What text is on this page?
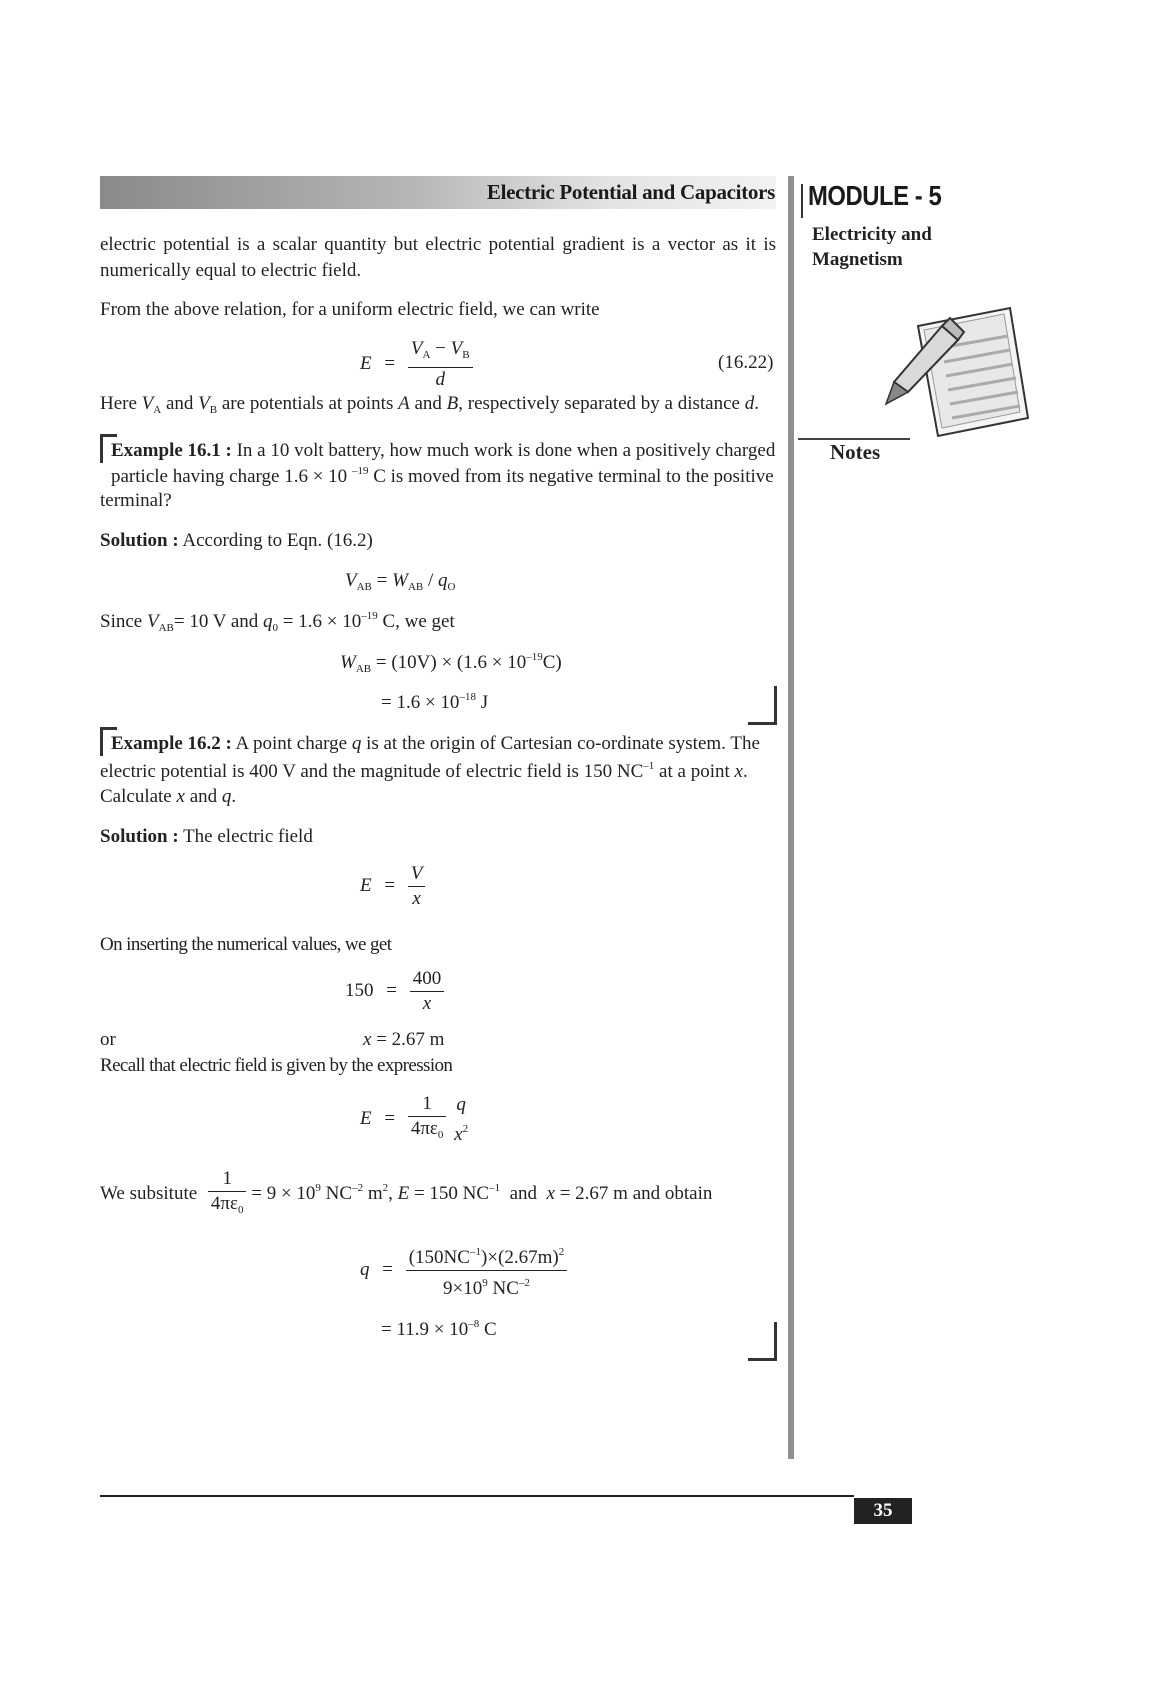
Electric Potential and Capacitors MODULE - 5
Electricity and
Magnetism
Notes
electric potential is a scalar quantity but electric potential gradient is a vector as it is numerically equal to electric field.
From the above relation, for a uniform electric field, we can write
$E = \frac{V_A - V_B}{d}$	(16.22)
Here $V_A$ and $V_B$ are potentials at points A and B, respectively separated by a distance d.
Example 16.1 : In a 10 volt battery, how much work is done when a positively charged
particle having charge 1.6 × 10 $^{-19}$ C is moved from its negative terminal to the positive
terminal?
Solution : According to Eqn. (16.2)
$V_{AB} = W_{AB} / q_O$
Since $V_{AB}= 10$ V and $q_0 = 1.6 \times 10^{-19}$ C, we get
$W_{AB} = (10V) \times (1.6 \times 10^{-19}C)$
= $1.6 \times 10^{-18}$ J
Example 16.2 : A point charge q is at the origin of Cartesian co-ordinate system. The
electric potential is 400 V and the magnitude of electric field is 150 $NC^{-1}$ at a point x.
Calculate x and q.
Solution : The electric field
$E = \frac{V}{x}$
On inserting the numerical values, we get
$150 = \frac{400}{x}$
or	x = 2.67 m
Recall that electric field is given by the expression
$E = \frac{1}{4\pi\varepsilon_0}$
q
$x^2$
We subsitute $\frac{1}{4\pi\varepsilon_0} = 9 \times 10^9$ $NC^{-2}$ $m^2$, E = 150 $NC^{-1}$  and  x = 2.67 m and obtain
$q = \frac{(150NC^{-1})\times(2.67m)^2}{9\times 10^9 NC^{-2}}$
= $11.9 \times 10^{-8}$ C
35
